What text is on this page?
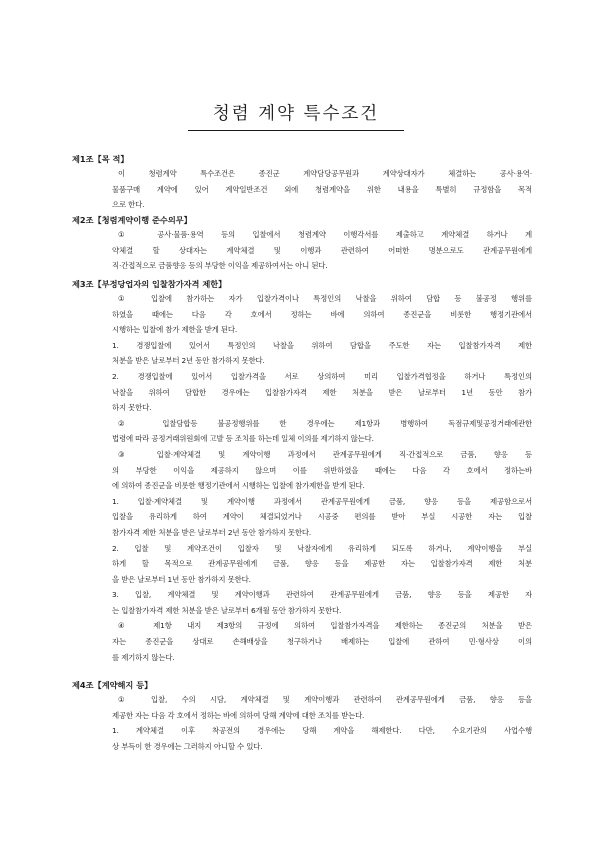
청렴 계약 특수조건
제1조【목 적】
이 청렴계약 특수조건은 종진군 계약담당공무원과 계약상대자가 체결하는 공사·용역·
물품구매 계약에 있어 계약일반조건 외에 청렴계약을 위한 내용을 특별히 규정함을 목적
으로 한다.
제2조【청렴계약이행 준수의무】
① 공사·물품·용역 등의 입찰에서 청렴계약 이행각서를 제출하고 계약체결 하거나 계
약체결 할 상대자는 계약체결 및 이행과 관련하여 어떠한 명분으로도 관계공무원에게
직·간접적으로 금품향응 등의 부당한 이익을 제공하여서는 아니 된다.
제3조【부정당업자의 입찰참가자격 제한】
① 입찰에 참가하는 자가 입찰가격이나 특정인의 낙찰을 위하여 담합 등 불공정 행위를
하였을 때에는 다음 각 호에서 정하는 바에 의하여 종진군을 비롯한 행정기관에서
시행하는 입찰에 참가 제한을 받게 된다.
1. 경쟁입찰에 있어서 특정인의 낙찰을 위하여 담합을 주도한 자는 입찰참가자격 제한
처분을 받은 날로부터 2년 동안 참가하지 못한다.
2. 경쟁입찰에 있어서 입찰가격을 서로 상의하여 미리 입찰가격협정을 하거나 특정인의
낙찰을 위하여 담합한 경우에는 입찰참가자격 제한 처분을 받은 날로부터 1년 동안 참가
하지 못한다.
② 입찰담합등 불공정행위를 한 경우에는 제1항과 병행하여 독점규제및공정거래에관한
법령에 따라 공정거래위원회에 고발 등 조치를 하는데 일체 이의를 제기하지 않는다.
③ 입찰·계약체결 및 계약이행 과정에서 관계공무원에게 직·간접적으로 금품, 향응 등
의 부당한 이익을 제공하지 않으며 이를 위반하였을 때에는 다음 각 호에서 정하는바
에 의하여 종진군을 비롯한 행정기관에서 시행하는 입찰에 참가제한을 받게 된다.
1. 입찰·계약체결 및 계약이행 과정에서 관계공무원에게 금품, 향응 등을 제공함으로서
입찰을 유리하게 하여 계약이 체결되었거나 시공중 편의를 받아 부실 시공한 자는 입찰
참가자격 제한 처분을 받은 날로부터 2년 동안 참가하지 못한다.
2. 입찰 및 계약조건이 입찰자 및 낙찰자에게 유리하게 되도록 하거나, 계약이행을 부실
하게 할 목적으로 관계공무원에게 금품, 향응 등을 제공한 자는 입찰참가자격 제한 처분
을 받은 날로부터 1년 동안 참가하지 못한다.
3. 입찰, 계약체결 및 계약이행과 관련하여 관계공무원에게 금품, 향응 등을 제공한 자
는 입찰참가자격 제한 처분을 받은 날로부터 6개월 동안 참가하지 못한다.
④ 제1항 내지 제3항의 규정에 의하여 입찰참가자격을 제한하는 종진군의 처분을 받은
자는 종진군을 상대로 손해배상을 청구하거나 배제하는 입찰에 관하여 민·형사상 이의
를 제기하지 않는다.
제4조【계약해지 등】
① 입찰, 수의 시담, 계약체결 및 계약이행과 관련하여 관계공무원에게 금품, 향응 등을
제공한 자는 다음 각 호에서 정하는 바에 의하여 당해 계약에 대한 조치를 받는다.
1. 계약체결 이후 착공전의 경우에는 당해 계약을 해제한다. 다만, 수요기관의 사업수행
상 부득이 한 경우에는 그러하지 아니할 수 있다.
